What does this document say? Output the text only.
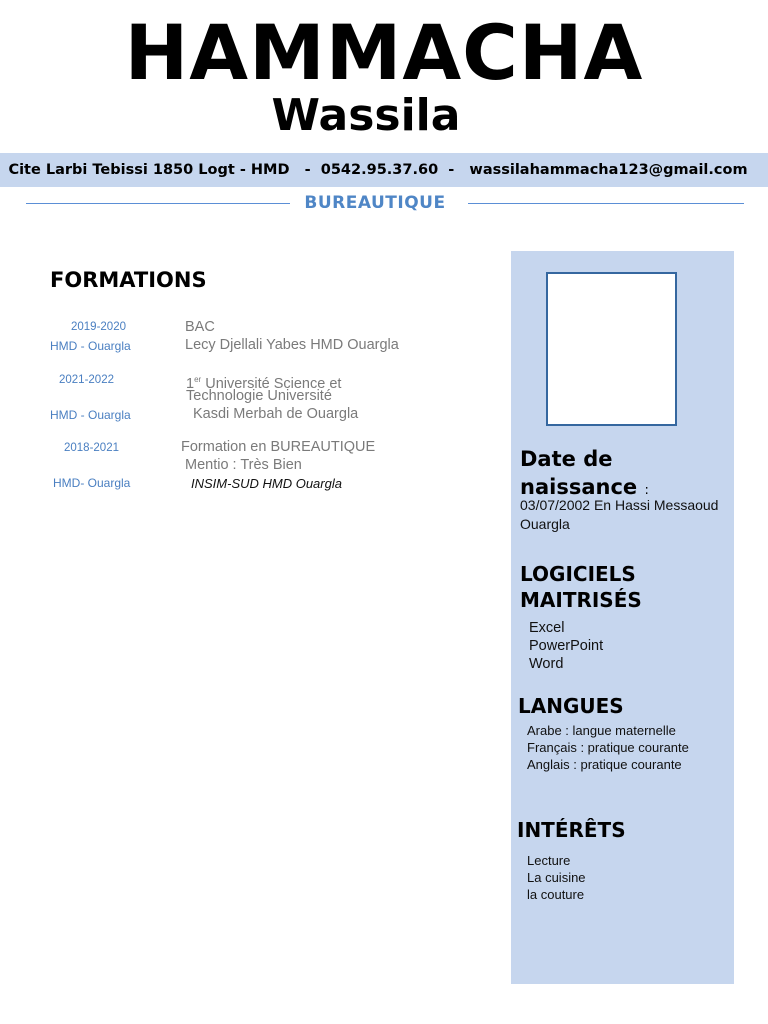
HAMMACHA
Wassila
Cite Larbi Tebissi 1850 Logt - HMD   -  0542.95.37.60  -   wassilahammacha123@gmail.com
BUREAUTIQUE
FORMATIONS
2019-2020
HMD - Ouargla
BAC
Lecy Djellali Yabes HMD Ouargla
2021-2022
HMD - Ouargla
1er Université Science et
Technologie Université
Kasdi Merbah de Ouargla
2018-2021
HMD- Ouargla
Formation en BUREAUTIQUE
Mentio : Très Bien
INSIM-SUD HMD Ouargla
Date de
naissance :
03/07/2002 En Hassi Messaoud Ouargla
LOGICIELS MAITRISÉS
Excel
PowerPoint
Word
LANGUES
Arabe : langue maternelle
Français : pratique courante
Anglais : pratique courante
INTÉRÊTS
Lecture
La cuisine
la couture
